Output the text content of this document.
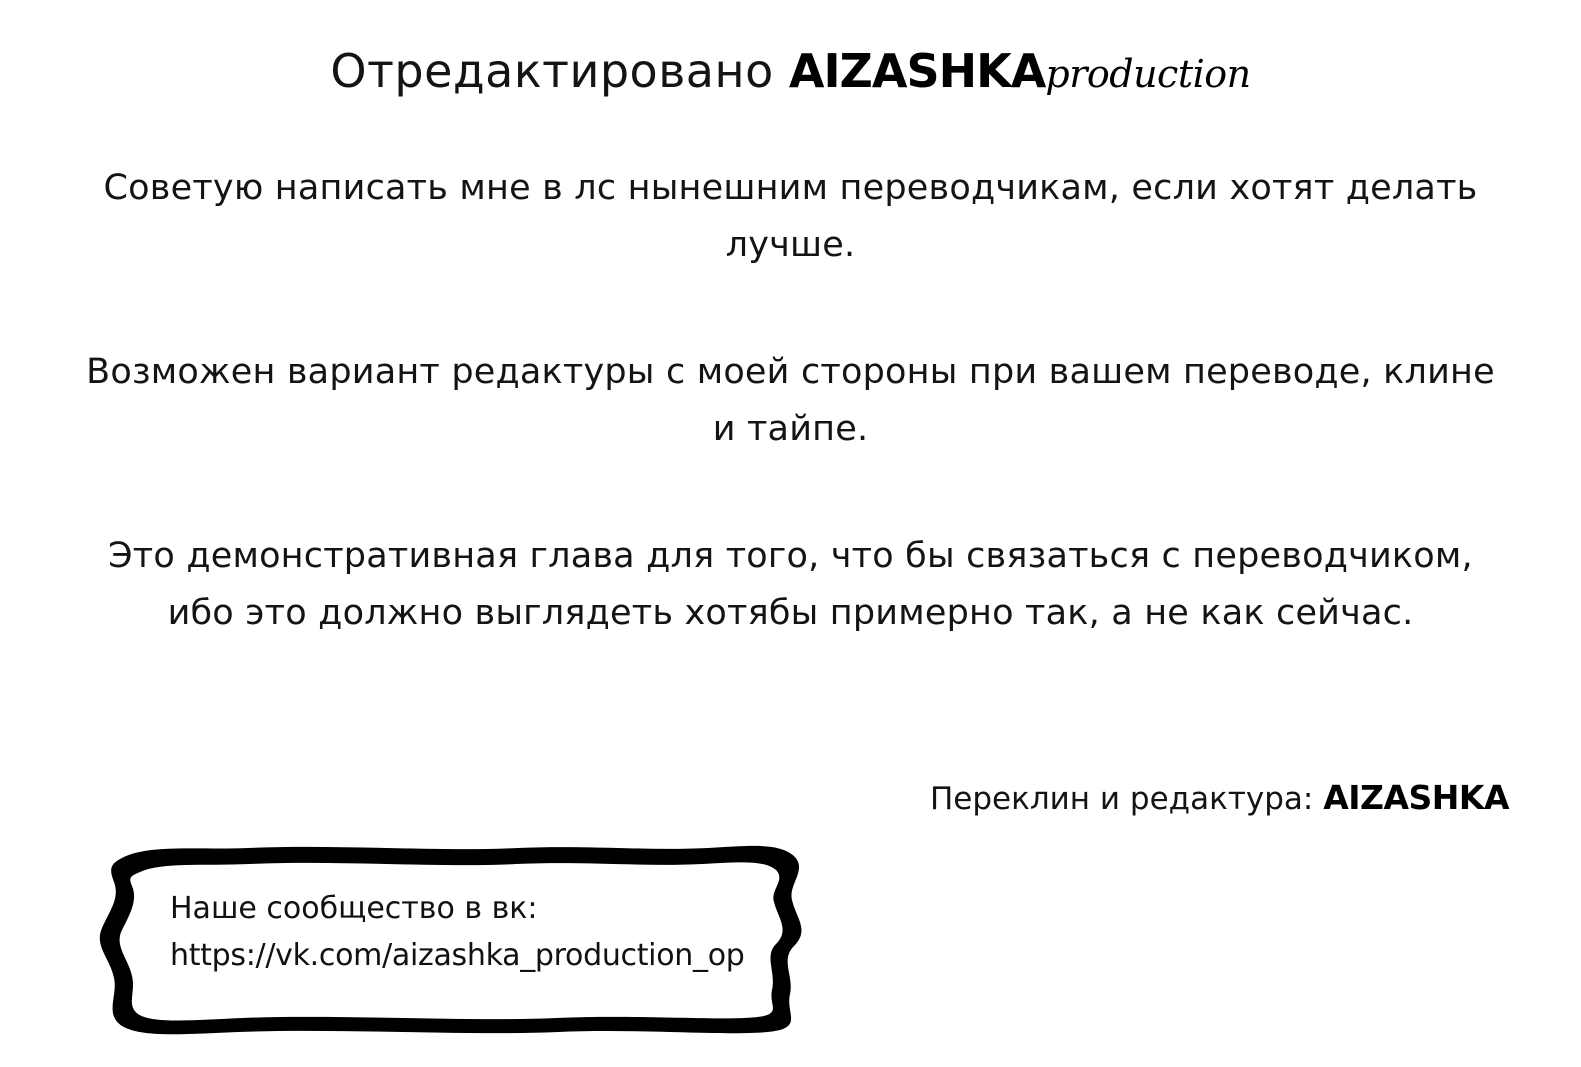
Отредактировано AIZASHKAproduction

Советую написать мне в лс нынешним переводчикам, если хотят делать лучше.

Возможен вариант редактуры с моей стороны при вашем переводе, клине и тайпе.

Это демонстративная глава для того, что бы связаться с переводчиком, ибо это должно выглядеть хотябы примерно так, а не как сейчас.

Переклин и редактура: AIZASHKA
Наше сообщество в вк:
https://vk.com/aizashka_production_op
